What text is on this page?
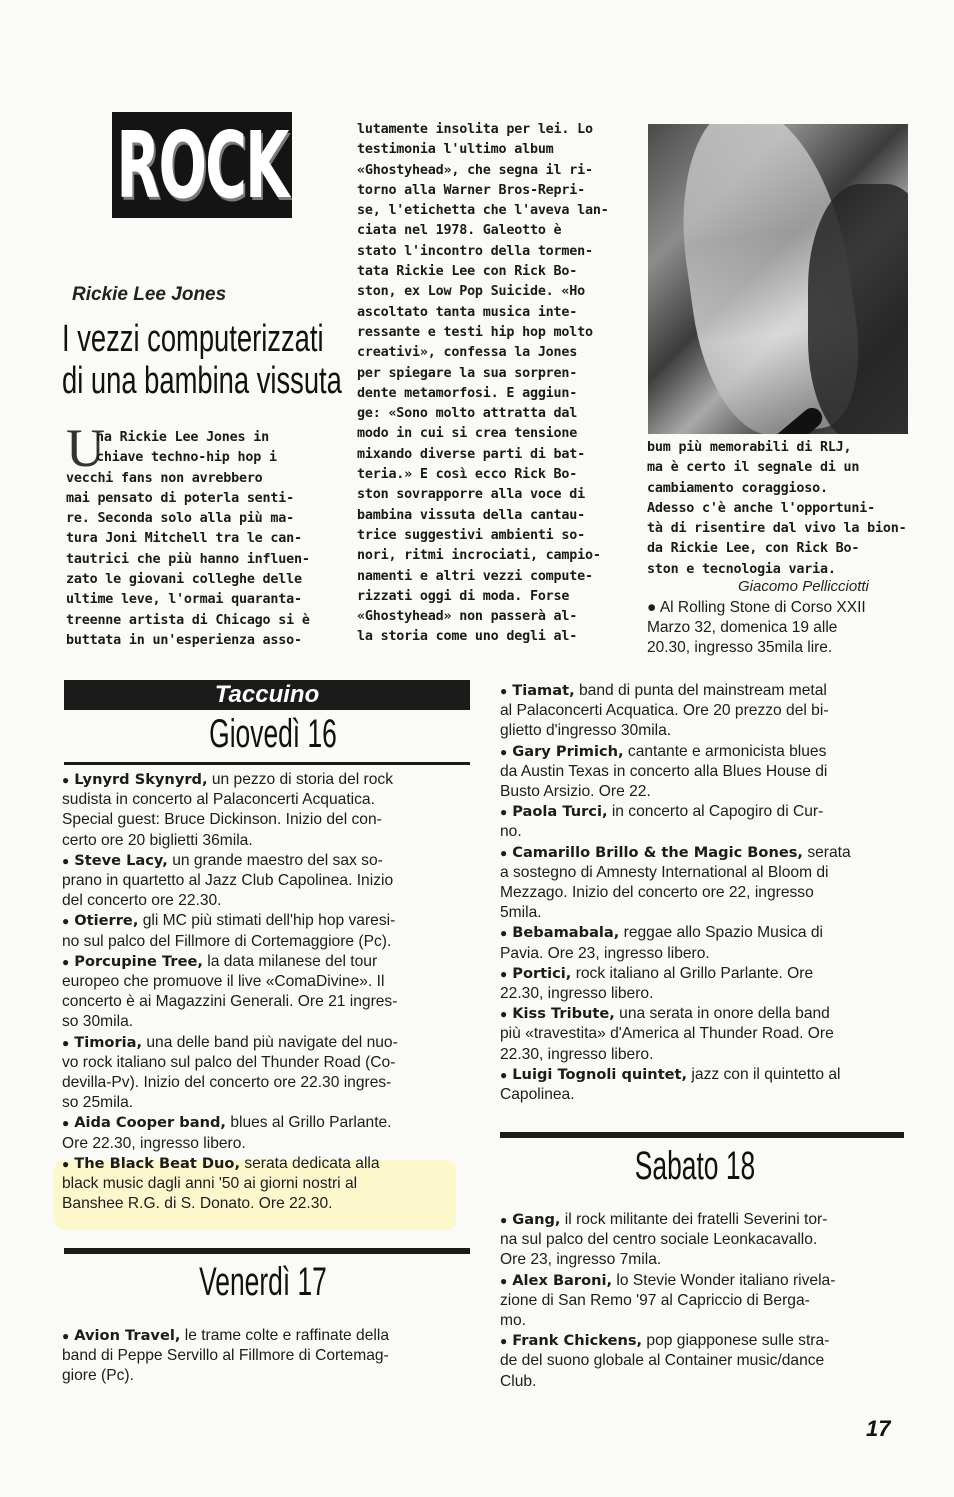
ROCK
Rickie Lee Jones
I vezzi computerizzati
di una bambina vissuta
U
na Rickie Lee Jones in
chiave techno-hip hop i
vecchi fans non avrebbero
mai pensato di poterla senti-
re. Seconda solo alla più ma-
tura Joni Mitchell tra le can-
tautrici che più hanno influen-
zato le giovani colleghe delle
ultime leve, l'ormai quaranta-
treenne artista di Chicago si è
buttata in un'esperienza asso-
lutamente insolita per lei. Lo
testimonia l'ultimo album
«Ghostyhead», che segna il ri-
torno alla Warner Bros-Repri-
se, l'etichetta che l'aveva lan-
ciata nel 1978. Galeotto è
stato l'incontro della tormen-
tata Rickie Lee con Rick Bo-
ston, ex Low Pop Suicide. «Ho
ascoltato tanta musica inte-
ressante e testi hip hop molto
creativi», confessa la Jones
per spiegare la sua sorpren-
dente metamorfosi. E aggiun-
ge: «Sono molto attratta dal
modo in cui si crea tensione
mixando diverse parti di bat-
teria.» E così ecco Rick Bo-
ston sovrapporre alla voce di
bambina vissuta della cantau-
trice suggestivi ambienti so-
nori, ritmi incrociati, campio-
namenti e altri vezzi compute-
rizzati oggi di moda. Forse
«Ghostyhead» non passerà al-
la storia come uno degli al-
bum più memorabili di RLJ,
ma è certo il segnale di un
cambiamento coraggioso.
Adesso c'è anche l'opportuni-
tà di risentire dal vivo la bion-
da Rickie Lee, con Rick Bo-
ston e tecnologia varia.
Giacomo Pellicciotti
● Al Rolling Stone di Corso XXII
Marzo 32, domenica 19 alle
20.30, ingresso 35mila lire.
Taccuino
Giovedì 16
● Lynyrd Skynyrd, un pezzo di storia del rock
sudista in concerto al Palaconcerti Acquatica.
Special guest: Bruce Dickinson. Inizio del con-
certo ore 20 biglietti 36mila.
● Steve Lacy, un grande maestro del sax so-
prano in quartetto al Jazz Club Capolinea. Inizio
del concerto ore 22.30.
● Otierre, gli MC più stimati dell'hip hop varesi-
no sul palco del Fillmore di Cortemaggiore (Pc).
● Porcupine Tree, la data milanese del tour
europeo che promuove il live «ComaDivine». Il
concerto è ai Magazzini Generali. Ore 21 ingres-
so 30mila.
● Timoria, una delle band più navigate del nuo-
vo rock italiano sul palco del Thunder Road (Co-
devilla-Pv). Inizio del concerto ore 22.30 ingres-
so 25mila.
● Aida Cooper band, blues al Grillo Parlante.
Ore 22.30, ingresso libero.
● The Black Beat Duo, serata dedicata alla
black music dagli anni '50 ai giorni nostri al
Banshee R.G. di S. Donato. Ore 22.30.
Venerdì 17
● Avion Travel, le trame colte e raffinate della
band di Peppe Servillo al Fillmore di Cortemag-
giore (Pc).
● Tiamat, band di punta del mainstream metal
al Palaconcerti Acquatica. Ore 20 prezzo del bi-
glietto d'ingresso 30mila.
● Gary Primich, cantante e armonicista blues
da Austin Texas in concerto alla Blues House di
Busto Arsizio. Ore 22.
● Paola Turci, in concerto al Capogiro di Cur-
no.
● Camarillo Brillo & the Magic Bones, serata
a sostegno di Amnesty International al Bloom di
Mezzago. Inizio del concerto ore 22, ingresso
5mila.
● Bebamabala, reggae allo Spazio Musica di
Pavia. Ore 23, ingresso libero.
● Portici, rock italiano al Grillo Parlante. Ore
22.30, ingresso libero.
● Kiss Tribute, una serata in onore della band
più «travestita» d'America al Thunder Road. Ore
22.30, ingresso libero.
● Luigi Tognoli quintet, jazz con il quintetto al
Capolinea.
Sabato 18
● Gang, il rock militante dei fratelli Severini tor-
na sul palco del centro sociale Leonkacavallo.
Ore 23, ingresso 7mila.
● Alex Baroni, lo Stevie Wonder italiano rivela-
zione di San Remo '97 al Capriccio di Berga-
mo.
● Frank Chickens, pop giapponese sulle stra-
de del suono globale al Container music/dance
Club.
17
